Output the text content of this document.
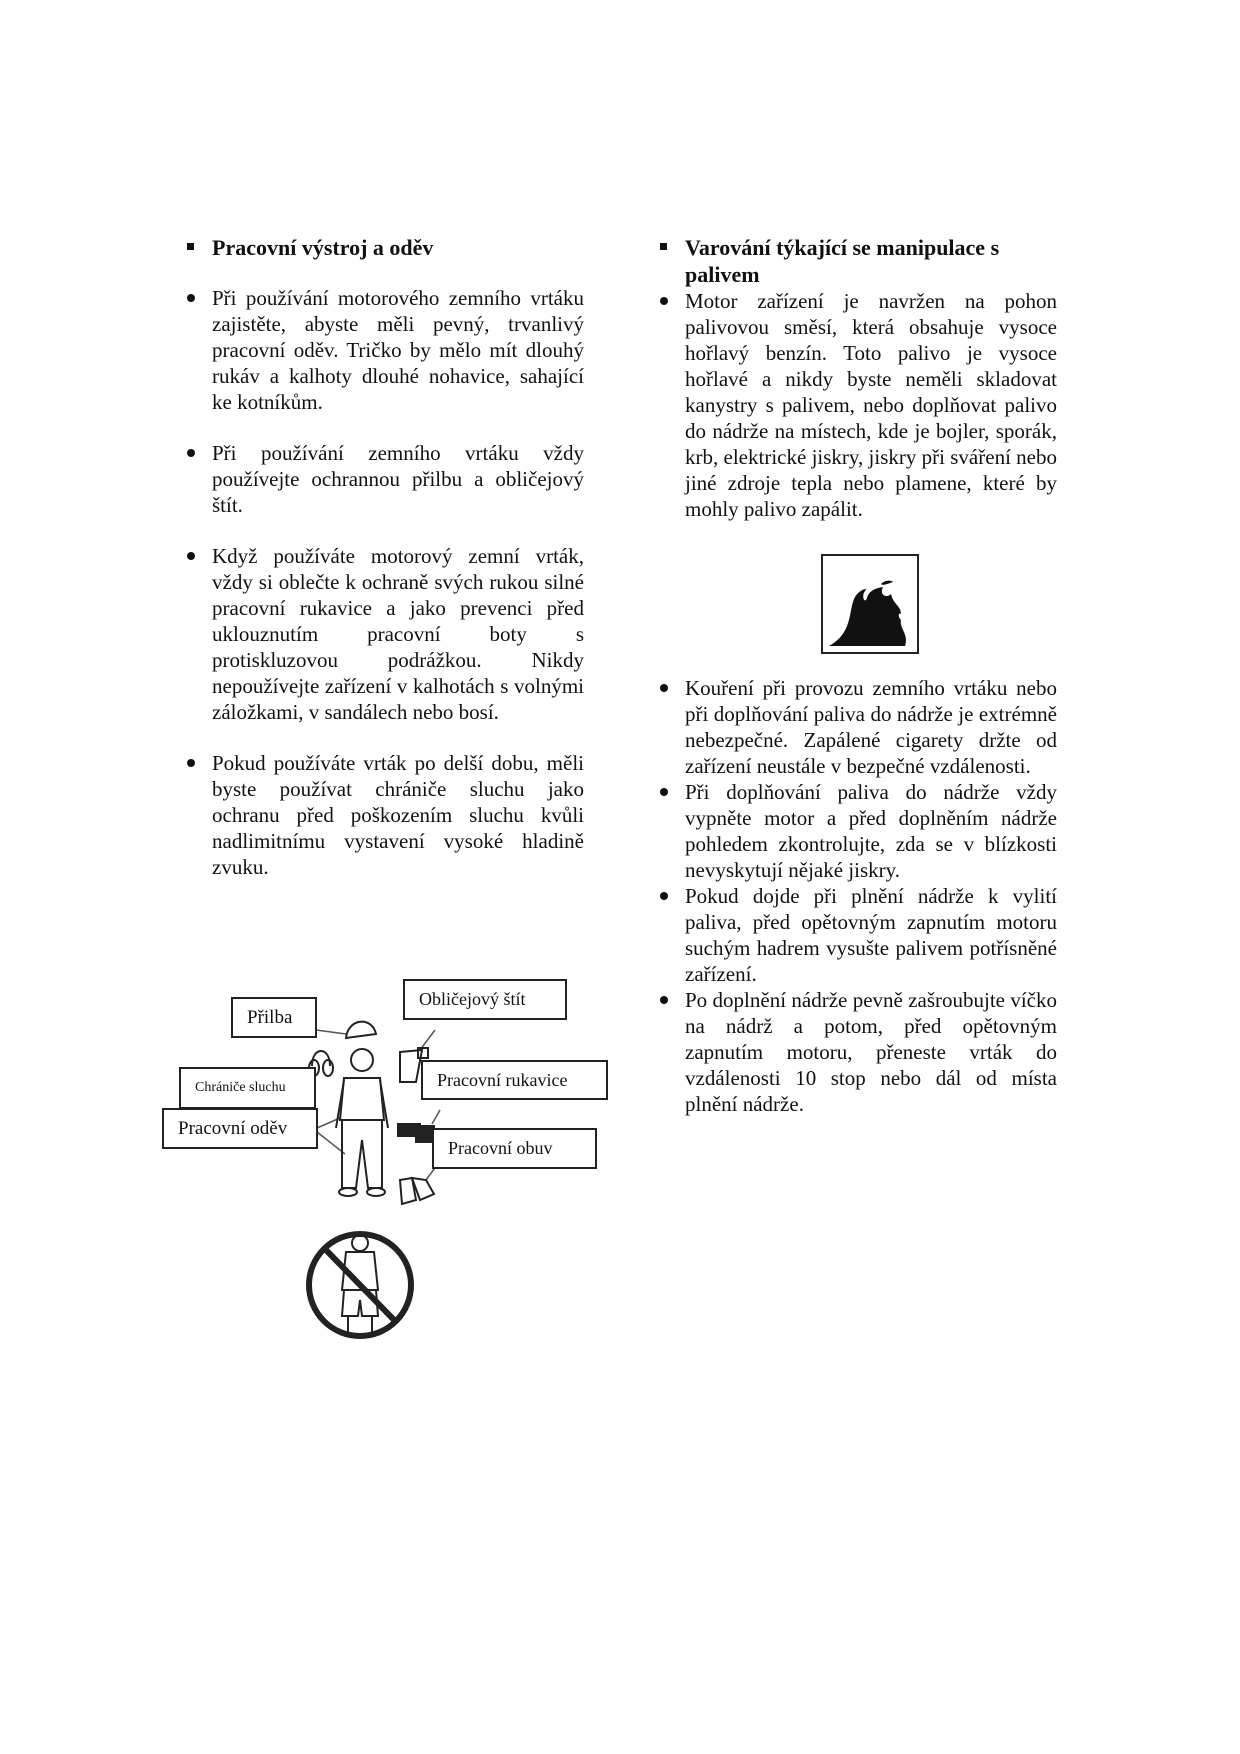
Pracovní výstroj a oděv
Při používání motorového zemního vrtáku zajistěte, abyste měli pevný, trvanlivý pracovní oděv. Tričko by mělo mít dlouhý rukáv a kalhoty dlouhé nohavice, sahající ke kotníkům.
Při používání zemního vrtáku vždy používejte ochrannou přilbu a obličejový štít.
Když používáte motorový zemní vrták, vždy si oblečte k ochraně svých rukou silné pracovní rukavice a jako prevenci před uklouznutím pracovní boty s protiskluzovou podrážkou. Nikdy nepoužívejte zařízení v kalhotách s volnými záložkami, v sandálech nebo bosí.
Pokud používáte vrták po delší dobu, měli byste používat chrániče sluchu jako ochranu před poškozením sluchu kvůli nadlimitnímu vystavení vysoké hladině zvuku.
Varování týkající se manipulace s palivem
Motor zařízení je navržen na pohon palivovou směsí, která obsahuje vysoce hořlavý benzín. Toto palivo je vysoce hořlavé a nikdy byste neměli skladovat kanystry s palivem, nebo doplňovat palivo do nádrže na místech, kde je bojler, sporák, krb, elektrické jiskry, jiskry při sváření nebo jiné zdroje tepla nebo plamene, které by mohly palivo zapálit.
Kouření při provozu zemního vrtáku nebo při doplňování paliva do nádrže je extrémně nebezpečné. Zapálené cigarety držte od zařízení neustále v bezpečné vzdálenosti.
Při doplňování paliva do nádrže vždy vypněte motor a před doplněním nádrže pohledem zkontrolujte, zda se v blízkosti nevyskytují nějaké jiskry.
Pokud dojde při plnění nádrže k vylití paliva, před opětovným zapnutím motoru suchým hadrem vysušte palivem potřísněné zařízení.
Po doplnění nádrže pevně zašroubujte víčko na nádrž a potom, před opětovným zapnutím motoru, přeneste vrták do vzdálenosti 10 stop nebo dál od místa plnění nádrže.
Přilba
Obličejový štít
Chrániče sluchu	Pracovní rukavice
Pracovní oděv
Pracovní obuv
